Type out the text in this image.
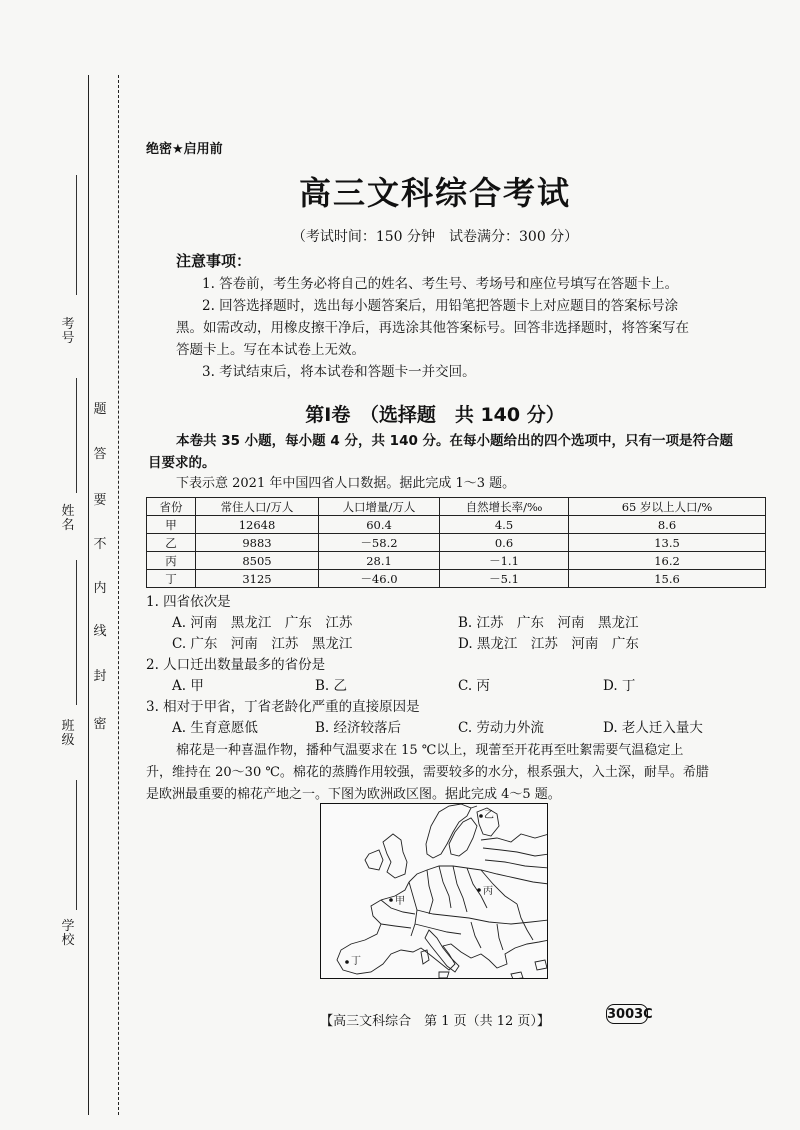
考号
姓名
班级
学校
密
封
线
内
不
要
答
题
绝密★启用前
高三文科综合考试
（考试时间：150 分钟　试卷满分：300 分）
注意事项：
1. 答卷前，考生务必将自己的姓名、考生号、考场号和座位号填写在答题卡上。
2. 回答选择题时，选出每小题答案后，用铅笔把答题卡上对应题目的答案标号涂
黑。如需改动，用橡皮擦干净后，再选涂其他答案标号。回答非选择题时，将答案写在
答题卡上。写在本试卷上无效。
3. 考试结束后，将本试卷和答题卡一并交回。
第Ⅰ卷　（选择题　共 140 分）
本卷共 35 小题，每小题 4 分，共 140 分。在每小题给出的四个选项中，只有一项是符合题
目要求的。
下表示意 2021 年中国四省人口数据。据此完成 1～3 题。
省份	常住人口/万人	人口增量/万人	自然增长率/‰	65 岁以上人口/%
甲	12648	60.4	4.5	8.6
乙	9883	－58.2	0.6	13.5
丙	8505	28.1	－1.1	16.2
丁	3125	－46.0	－5.1	15.6
1. 四省依次是
A. 河南　黑龙江　广东　江苏	B. 江苏　广东　河南　黑龙江
C. 广东　河南　江苏　黑龙江	D. 黑龙江　江苏　河南　广东
2. 人口迁出数量最多的省份是
A. 甲	B. 乙	C. 丙	D. 丁
3. 相对于甲省，丁省老龄化严重的直接原因是
A. 生育意愿低	B. 经济较落后	C. 劳动力外流	D. 老人迁入量大
棉花是一种喜温作物，播种气温要求在 15 ℃以上，现蕾至开花再至吐絮需要气温稳定上
升，维持在 20～30 ℃。棉花的蒸腾作用较强，需要较多的水分，根系强大，入土深，耐旱。希腊
是欧洲最重要的棉花产地之一。下图为欧洲政区图。据此完成 4～5 题。
乙
丙
甲
丁
【高三文科综合　第 1 页（共 12 页）】	3003C
